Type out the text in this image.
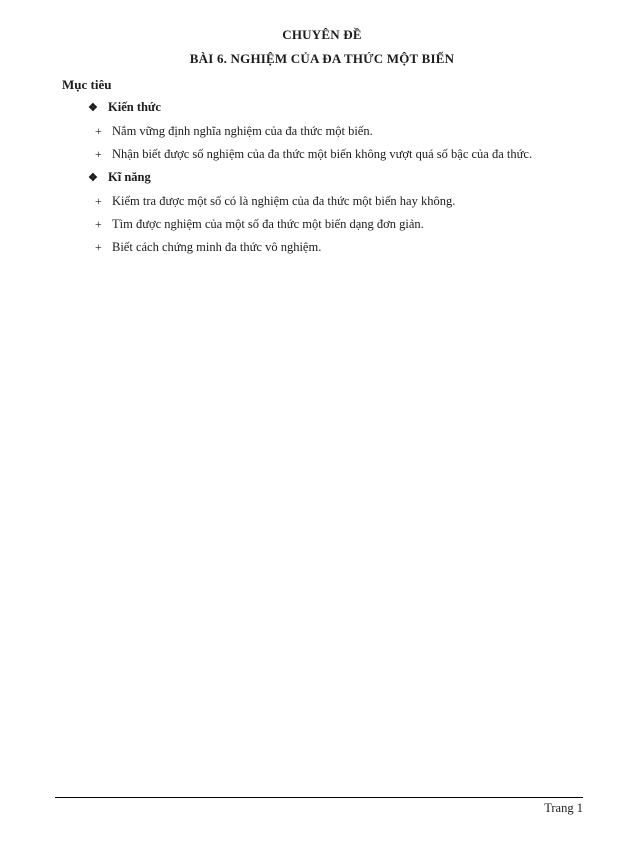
CHUYÊN ĐỀ
BÀI 6. NGHIỆM CỦA ĐA THỨC MỘT BIẾN
Mục tiêu
❖ Kiến thức
+ Nắm vững định nghĩa nghiệm của đa thức một biến.
+ Nhận biết được số nghiệm của đa thức một biến không vượt quá số bậc của đa thức.
❖ Kĩ năng
+ Kiểm tra được một số có là nghiệm của đa thức một biến hay không.
+ Tìm được nghiệm của một số đa thức một biến dạng đơn giản.
+ Biết cách chứng minh đa thức vô nghiệm.
Trang 1
